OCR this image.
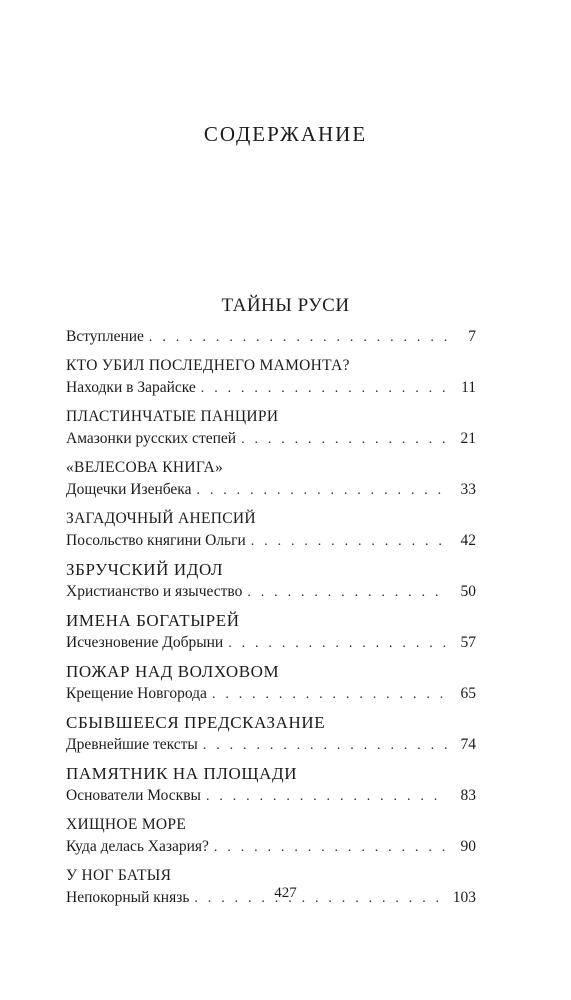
СОДЕРЖАНИЕ
ТАЙНЫ РУСИ
Вступление . . .	7
КТО УБИЛ ПОСЛЕДНЕГО МАМОНТА?
Находки в Зарайске . . .	11
ПЛАСТИНЧАТЫЕ ПАНЦИРИ
Амазонки русских степей . . .	21
«ВЕЛЕСОВА КНИГА»
Дощечки Изенбека . . .	33
ЗАГАДОЧНЫЙ АНЕПСИЙ
Посольство княгини Ольги . . .	42
ЗБРУЧСКИЙ ИДОЛ
Христианство и язычество . . .	50
ИМЕНА БОГАТЫРЕЙ
Исчезновение Добрыни . . .	57
ПОЖАР НАД ВОЛХОВОМ
Крещение Новгорода . . .	65
СБЫВШЕЕСЯ ПРЕДСКАЗАНИЕ
Древнейшие тексты . . .	74
ПАМЯТНИК НА ПЛОЩАДИ
Основатели Москвы . . .	83
ХИЩНОЕ МОРЕ
Куда делась Хазария? . . .	90
У НОГ БАТЫЯ
Непокорный князь . . .	103
427
